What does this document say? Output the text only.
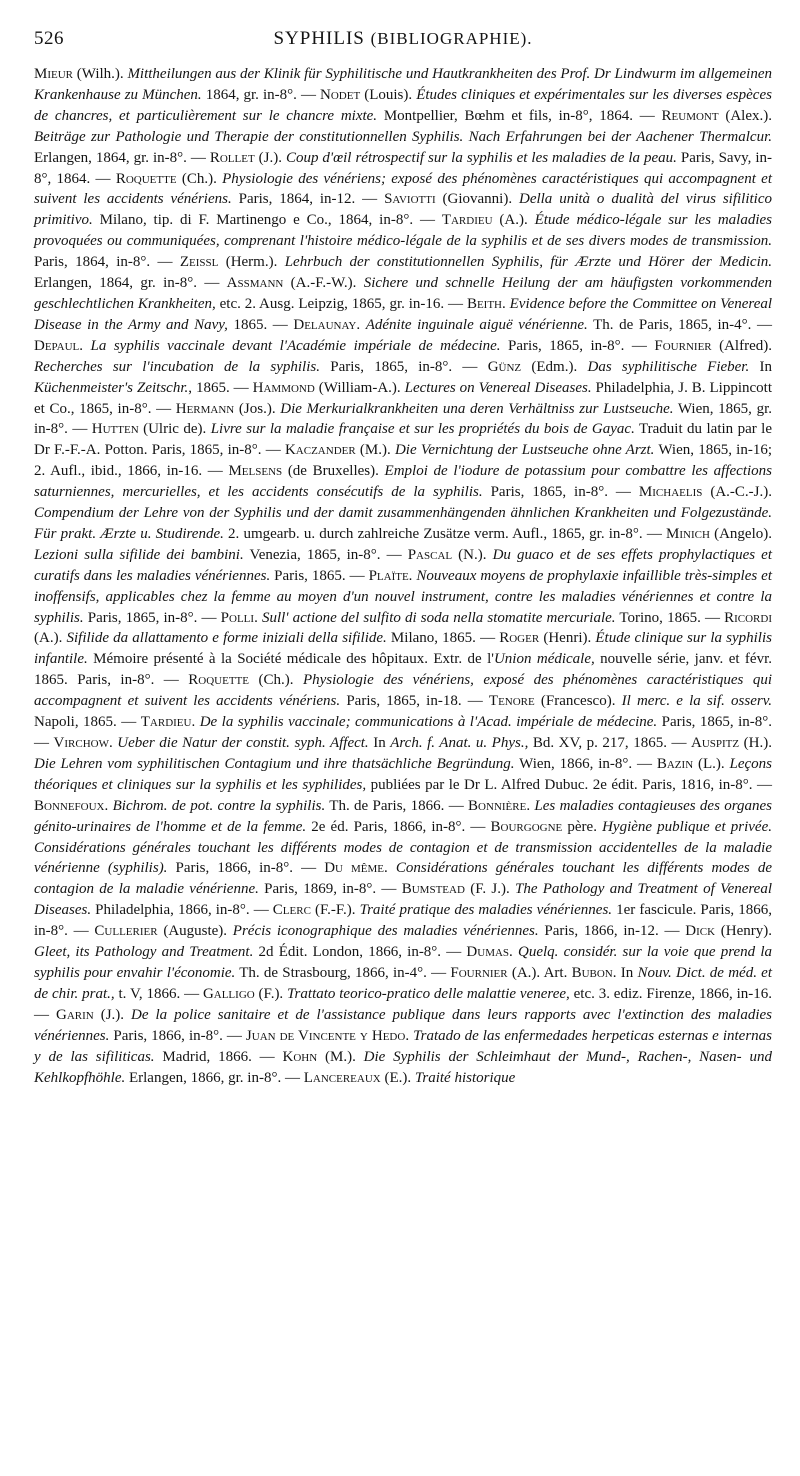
526	SYPHILIS (BIBLIOGRAPHIE).
Mieur (Wilh.). Mittheilungen aus der Klinik für Syphilitische und Hautkrankheiten des Prof. Dr Lindwurm im allgemeinen Krankenhause zu München. 1864, gr. in-8°. — Nodet (Louis). Études cliniques et expérimentales sur les diverses espèces de chancres, et particulièrement sur le chancre mixte. Montpellier, Bœhm et fils, in-8°, 1864. — Reumont (Alex.). Beiträge zur Pathologie und Therapie der constitutionnellen Syphilis. Nach Erfahrungen bei der Aachener Thermalcur. Erlangen, 1864, gr. in-8°. — Rollet (J.). Coup d'œil rétrospectif sur la syphilis et les maladies de la peau. Paris, Savy, in-8°, 1864. — Roquette (Ch.). Physiologie des vénériens; exposé des phénomènes caractéristiques qui accompagnent et suivent les accidents vénériens. Paris, 1864, in-12. — Saviotti (Giovanni). Della unità o dualità del virus sifilitico primitivo. Milano, tip. di F. Martinengo e Co., 1864, in-8°. — Tardieu (A.). Étude médico-légale sur les maladies provoquées ou communiquées, comprenant l'histoire médico-légale de la syphilis et de ses divers modes de transmission. Paris, 1864, in-8°. — Zeissl (Herm.). Lehrbuch der constitutionnellen Syphilis, für Ærzte und Hörer der Medicin. Erlangen, 1864, gr. in-8°. — Assmann (A.-F.-W.). Sichere und schnelle Heilung der am häufigsten vorkommenden geschlechtlichen Krankheiten, etc. 2. Ausg. Leipzig, 1865, gr. in-16. — Beith. Evidence before the Committee on Venereal Disease in the Army and Navy, 1865. — Delaunay. Adénite inguinale aiguë vénérienne. Th. de Paris, 1865, in-4°. — Depaul. La syphilis vaccinale devant l'Académie impériale de médecine. Paris, 1865, in-8°. — Fournier (Alfred). Recherches sur l'incubation de la syphilis. Paris, 1865, in-8°. — Günz (Edm.). Das syphilitische Fieber. In Küchenmeister's Zeitschr., 1865. — Hammond (William-A.). Lectures on Venereal Diseases. Philadelphia, J. B. Lippincott et Co., 1865, in-8°. — Hermann (Jos.). Die Merkurialkrankheiten una deren Verhältniss zur Lustseuche. Wien, 1865, gr. in-8°. — Hutten (Ulric de). Livre sur la maladie française et sur les propriétés du bois de Gayac. Traduit du latin par le Dr F.-F.-A. Potton. Paris, 1865, in-8°. — Kaczander (M.). Die Vernichtung der Lustseuche ohne Arzt. Wien, 1865, in-16; 2. Aufl., ibid., 1866, in-16. — Melsens (de Bruxelles). Emploi de l'iodure de potassium pour combattre les affections saturniennes, mercurielles, et les accidents consécutifs de la syphilis. Paris, 1865, in-8°. — Michaelis (A.-C.-J.). Compendium der Lehre von der Syphilis und der damit zusammenhängenden ähnlichen Krankheiten und Folgezustände. Für prakt. Ærzte u. Studirende. 2. umgearb. u. durch zahlreiche Zusätze verm. Aufl., 1865, gr. in-8°. — Minich (Angelo). Lezioni sulla sifilide dei bambini. Venezia, 1865, in-8°. — Pascal (N.). Du guaco et de ses effets prophylactiques et curatifs dans les maladies vénériennes. Paris, 1865. — Plaïte. Nouveaux moyens de prophylaxie infaillible très-simples et inoffensifs, applicables chez la femme au moyen d'un nouvel instrument, contre les maladies vénériennes et contre la syphilis. Paris, 1865, in-8°. — Polli. Sull' actione del sulfito di soda nella stomatite mercuriale. Torino, 1865. — Ricordi (A.). Sifilide da allattamento e forme iniziali della sifilide. Milano, 1865. — Roger (Henri). Étude clinique sur la syphilis infantile. Mémoire présenté à la Société médicale des hôpitaux. Extr. de l'Union médicale, nouvelle série, janv. et févr. 1865. Paris, in-8°. — Roquette (Ch.). Physiologie des vénériens, exposé des phénomènes caractéristiques qui accompagnent et suivent les accidents vénériens. Paris, 1865, in-18. — Tenore (Francesco). Il merc. e la sif. osserv. Napoli, 1865. — Tardieu. De la syphilis vaccinale; communications à l'Acad. impériale de médecine. Paris, 1865, in-8°. — Virchow. Ueber die Natur der constit. syph. Affect. In Arch. f. Anat. u. Phys., Bd. XV, p. 217, 1865. — Auspitz (H.). Die Lehren vom syphilitischen Contagium und ihre thatsächliche Begründung. Wien, 1866, in-8°. — Bazin (L.). Leçons théoriques et cliniques sur la syphilis et les syphilides, publiées par le Dr L. Alfred Dubuc. 2e édit. Paris, 1816, in-8°. — Bonnefoux. Bichrom. de pot. contre la syphilis. Th. de Paris, 1866. — Bonnière. Les maladies contagieuses des organes génito-urinaires de l'homme et de la femme. 2e éd. Paris, 1866, in-8°. — Bourgogne père. Hygiène publique et privée. Considérations générales touchant les différents modes de contagion et de transmission accidentelles de la maladie vénérienne (syphilis). Paris, 1866, in-8°. — Du même. Considérations générales touchant les différents modes de contagion de la maladie vénérienne. Paris, 1869, in-8°. — Bumstead (F. J.). The Pathology and Treatment of Venereal Diseases. Philadelphia, 1866, in-8°. — Clerc (F.-F.). Traité pratique des maladies vénériennes. 1er fascicule. Paris, 1866, in-8°. — Cullerier (Auguste). Précis iconographique des maladies vénériennes. Paris, 1866, in-12. — Dick (Henry). Gleet, its Pathology and Treatment. 2d Édit. London, 1866, in-8°. — Dumas. Quelq. considér. sur la voie que prend la syphilis pour envahir l'économie. Th. de Strasbourg, 1866, in-4°. — Fournier (A.). Art. Bubon. In Nouv. Dict. de méd. et de chir. prat., t. V, 1866. — Galligo (F.). Trattato teorico-pratico delle malattie veneree, etc. 3. ediz. Firenze, 1866, in-16. — Garin (J.). De la police sanitaire et de l'assistance publique dans leurs rapports avec l'extinction des maladies vénériennes. Paris, 1866, in-8°. — Juan de Vincente y Hedo. Tratado de las enfermedades herpeticas esternas e internas y de las sifiliticas. Madrid, 1866. — Kohn (M.). Die Syphilis der Schleimhaut der Mund-, Rachen-, Nasen- und Kehlkopfhöhle. Erlangen, 1866, gr. in-8°. — Lancereaux (E.). Traité historique
